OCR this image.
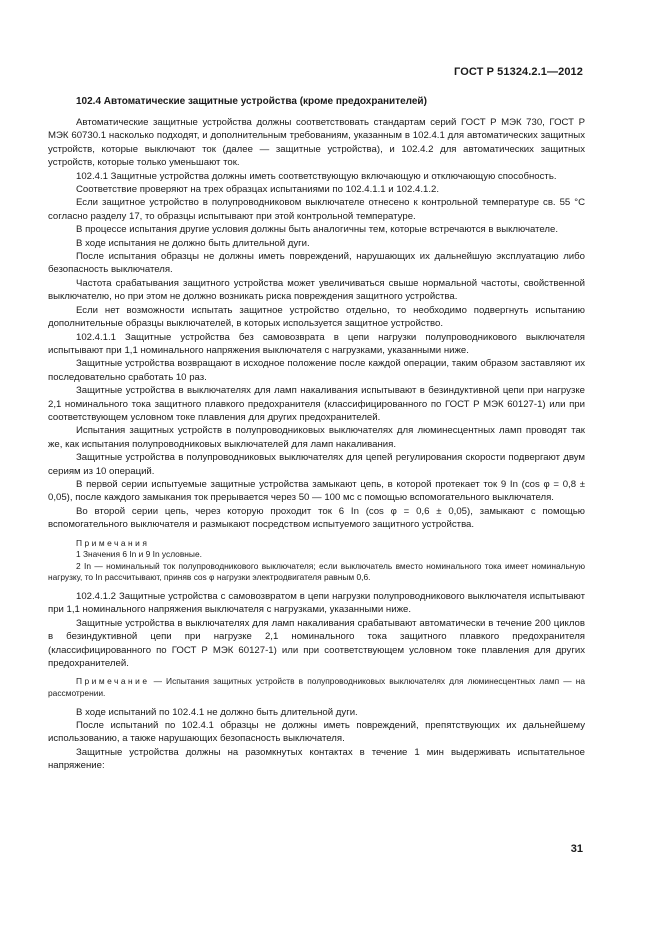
ГОСТ Р 51324.2.1—2012
102.4 Автоматические защитные устройства (кроме предохранителей)

Автоматические защитные устройства должны соответствовать стандартам серий ГОСТ Р МЭК 730, ГОСТ Р МЭК 60730.1 насколько подходят, и дополнительным требованиям, указанным в 102.4.1 для автоматических защитных устройств, которые выключают ток (далее — защитные устройства), и 102.4.2 для автоматических защитных устройств, которые только уменьшают ток.

102.4.1 Защитные устройства должны иметь соответствующую включающую и отключающую способность.

Соответствие проверяют на трех образцах испытаниями по 102.4.1.1 и 102.4.1.2.

Если защитное устройство в полупроводниковом выключателе отнесено к контрольной температуре св. 55 °С согласно разделу 17, то образцы испытывают при этой контрольной температуре.

В процессе испытания другие условия должны быть аналогичны тем, которые встречаются в выключателе.

В ходе испытания не должно быть длительной дуги.

После испытания образцы не должны иметь повреждений, нарушающих их дальнейшую эксплуатацию либо безопасность выключателя.

Частота срабатывания защитного устройства может увеличиваться свыше нормальной частоты, свойственной выключателю, но при этом не должно возникать риска повреждения защитного устройства.

Если нет возможности испытать защитное устройство отдельно, то необходимо подвергнуть испытанию дополнительные образцы выключателей, в которых используется защитное устройство.

102.4.1.1 Защитные устройства без самовозврата в цепи нагрузки полупроводникового выключателя испытывают при 1,1 номинального напряжения выключателя с нагрузками, указанными ниже.

Защитные устройства возвращают в исходное положение после каждой операции, таким образом заставляют их последовательно сработать 10 раз.

Защитные устройства в выключателях для ламп накаливания испытывают в безиндуктивной цепи при нагрузке 2,1 номинального тока защитного плавкого предохранителя (классифицированного по ГОСТ Р МЭК 60127-1) или при соответствующем условном токе плавления для других предохранителей.

Испытания защитных устройств в полупроводниковых выключателях для люминесцентных ламп проводят так же, как испытания полупроводниковых выключателей для ламп накаливания.

Защитные устройства в полупроводниковых выключателях для цепей регулирования скорости подвергают двум сериям из 10 операций.

В первой серии испытуемые защитные устройства замыкают цепь, в которой протекает ток 9 In (cos φ = 0,8 ± 0,05), после каждого замыкания ток прерывается через 50 — 100 мс с помощью вспомогательного выключателя.

Во второй серии цепь, через которую проходит ток 6 In (cos φ = 0,6 ± 0,05), замыкают с помощью вспомогательного выключателя и размыкают посредством испытуемого защитного устройства.

Примечания

1 Значения 6 In и 9 In условные.

2 In — номинальный ток полупроводникового выключателя; если выключатель вместо номинального тока имеет номинальную нагрузку, то In рассчитывают, приняв cos φ нагрузки электродвигателя равным 0,6.

102.4.1.2 Защитные устройства с самовозвратом в цепи нагрузки полупроводникового выключателя испытывают при 1,1 номинального напряжения выключателя с нагрузками, указанными ниже.

Защитные устройства в выключателях для ламп накаливания срабатывают автоматически в течение 200 циклов в безиндуктивной цепи при нагрузке 2,1 номинального тока защитного плавкого предохранителя (классифицированного по ГОСТ Р МЭК 60127-1) или при соответствующем условном токе плавления для других предохранителей.

Примечание — Испытания защитных устройств в полупроводниковых выключателях для люминесцентных ламп — на рассмотрении.

В ходе испытаний по 102.4.1 не должно быть длительной дуги.

После испытаний по 102.4.1 образцы не должны иметь повреждений, препятствующих их дальнейшему использованию, а также нарушающих безопасность выключателя.

Защитные устройства должны на разомкнутых контактах в течение 1 мин выдерживать испытательное напряжение:

31
